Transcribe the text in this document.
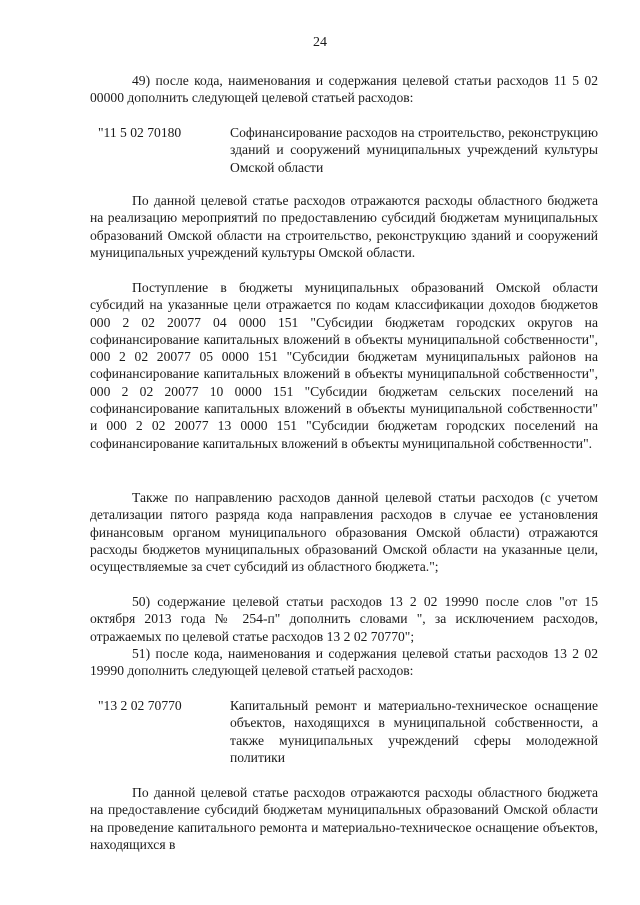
24

49) после кода, наименования и содержания целевой статьи расходов 11 5 02 00000 дополнить следующей целевой статьей расходов:

"11 5 02 70180	Софинансирование расходов на строительство, реконструкцию зданий и сооружений муниципальных учреждений культуры Омской области

По данной целевой статье расходов отражаются расходы областного бюджета на реализацию мероприятий по предоставлению субсидий бюджетам муниципальных образований Омской области на строительство, реконструкцию зданий и сооружений муниципальных учреждений культуры Омской области.

Поступление в бюджеты муниципальных образований Омской области субсидий на указанные цели отражается по кодам классификации доходов бюджетов 000 2 02 20077 04 0000 151 "Субсидии бюджетам городских округов на софинансирование капитальных вложений в объекты муниципальной собственности", 000 2 02 20077 05 0000 151 "Субсидии бюджетам муниципальных районов на софинансирование капитальных вложений в объекты муниципальной собственности", 000 2 02 20077 10 0000 151 "Субсидии бюджетам сельских поселений на софинансирование капитальных вложений в объекты муниципальной собственности" и 000 2 02 20077 13 0000 151 "Субсидии бюджетам городских поселений на софинансирование капитальных вложений в объекты муниципальной собственности".

Также по направлению расходов данной целевой статьи расходов (с учетом детализации пятого разряда кода направления расходов в случае ее установления финансовым органом муниципального образования Омской области) отражаются расходы бюджетов муниципальных образований Омской области на указанные цели, осуществляемые за счет субсидий из областного бюджета.";

50) содержание целевой статьи расходов 13 2 02 19990 после слов "от 15 октября 2013 года № 254-п" дополнить словами ", за исключением расходов, отражаемых по целевой статье расходов 13 2 02 70770";

51) после кода, наименования и содержания целевой статьи расходов 13 2 02 19990 дополнить следующей целевой статьей расходов:

"13 2 02 70770	Капитальный ремонт и материально-техническое оснащение объектов, находящихся в муниципальной собственности, а также муниципальных учреждений сферы молодежной политики

По данной целевой статье расходов отражаются расходы областного бюджета на предоставление субсидий бюджетам муниципальных образований Омской области на проведение капитального ремонта и материально-техническое оснащение объектов, находящихся в
